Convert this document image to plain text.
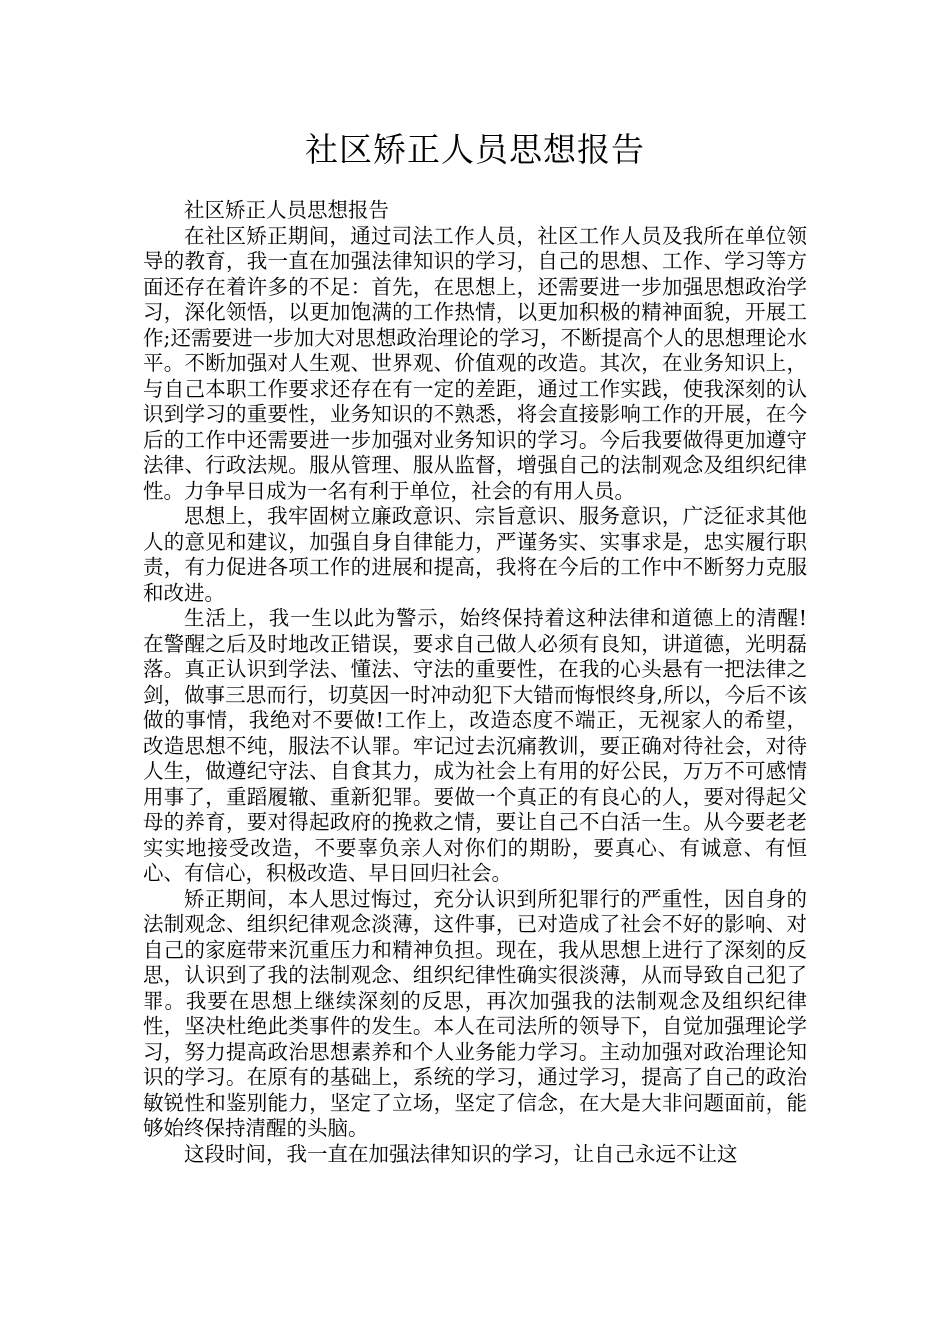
社区矫正人员思想报告

社区矫正人员思想报告

在社区矫正期间，通过司法工作人员，社区工作人员及我所在单位领导的教育，我一直在加强法律知识的学习，自己的思想、工作、学习等方面还存在着许多的不足：首先，在思想上，还需要进一步加强思想政治学习，深化领悟，以更加饱满的工作热情，以更加积极的精神面貌，开展工作;还需要进一步加大对思想政治理论的学习，不断提高个人的思想理论水平。不断加强对人生观、世界观、价值观的改造。其次，在业务知识上，与自己本职工作要求还存在有一定的差距，通过工作实践，使我深刻的认识到学习的重要性，业务知识的不熟悉，将会直接影响工作的开展，在今后的工作中还需要进一步加强对业务知识的学习。今后我要做得更加遵守法律、行政法规。服从管理、服从监督，增强自己的法制观念及组织纪律性。力争早日成为一名有利于单位，社会的有用人员。

思想上，我牢固树立廉政意识、宗旨意识、服务意识，广泛征求其他人的意见和建议，加强自身自律能力，严谨务实、实事求是，忠实履行职责，有力促进各项工作的进展和提高，我将在今后的工作中不断努力克服和改进。

生活上，我一生以此为警示，始终保持着这种法律和道德上的清醒!在警醒之后及时地改正错误，要求自己做人必须有良知，讲道德，光明磊落。真正认识到学法、懂法、守法的重要性，在我的心头悬有一把法律之剑，做事三思而行，切莫因一时冲动犯下大错而悔恨终身,所以，今后不该做的事情，我绝对不要做!工作上，改造态度不端正，无视家人的希望，改造思想不纯，服法不认罪。牢记过去沉痛教训，要正确对待社会，对待人生，做遵纪守法、自食其力，成为社会上有用的好公民，万万不可感情用事了，重蹈履辙、重新犯罪。要做一个真正的有良心的人，要对得起父母的养育，要对得起政府的挽救之情，要让自己不白活一生。从今要老老实实地接受改造，不要辜负亲人对你们的期盼，要真心、有诚意、有恒心、有信心，积极改造、早日回归社会。

矫正期间，本人思过悔过，充分认识到所犯罪行的严重性，因自身的法制观念、组织纪律观念淡薄，这件事，已对造成了社会不好的影响、对自己的家庭带来沉重压力和精神负担。现在，我从思想上进行了深刻的反思，认识到了我的法制观念、组织纪律性确实很淡薄，从而导致自己犯了罪。我要在思想上继续深刻的反思，再次加强我的法制观念及组织纪律性，坚决杜绝此类事件的发生。本人在司法所的领导下，自觉加强理论学习，努力提高政治思想素养和个人业务能力学习。主动加强对政治理论知识的学习。在原有的基础上，系统的学习，通过学习，提高了自己的政治敏锐性和鉴别能力，坚定了立场，坚定了信念，在大是大非问题面前，能够始终保持清醒的头脑。

这段时间，我一直在加强法律知识的学习，让自己永远不让这
